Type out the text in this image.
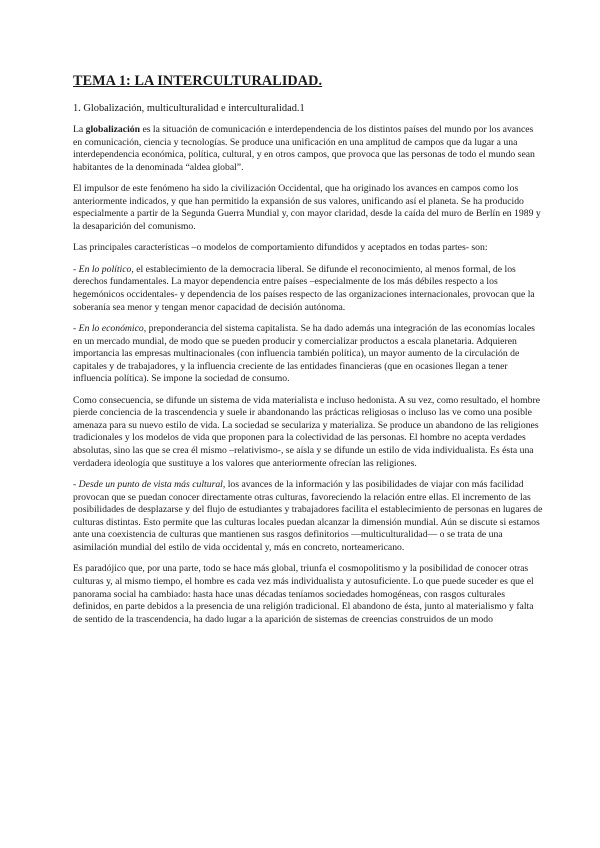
TEMA 1: LA INTERCULTURALIDAD.
1. Globalización, multiculturalidad e interculturalidad.1

La globalización es la situación de comunicación e interdependencia de los distintos países del mundo por los avances en comunicación, ciencia y tecnologías. Se produce una unificación en una amplitud de campos que da lugar a una interdependencia económica, política, cultural, y en otros campos, que provoca que las personas de todo el mundo sean habitantes de la denominada “aldea global”.

El impulsor de este fenómeno ha sido la civilización Occidental, que ha originado los avances en campos como los anteriormente indicados, y que han permitido la expansión de sus valores, unificando así el planeta. Se ha producido especialmente a partir de la Segunda Guerra Mundial y, con mayor claridad, desde la caída del muro de Berlín en 1989 y la desaparición del comunismo.

Las principales características –o modelos de comportamiento difundidos y aceptados en todas partes- son:

- En lo político, el establecimiento de la democracia liberal. Se difunde el reconocimiento, al menos formal, de los derechos fundamentales. La mayor dependencia entre países –especialmente de los más débiles respecto a los hegemónicos occidentales- y dependencia de los países respecto de las organizaciones internacionales, provocan que la soberanía sea menor y tengan menor capacidad de decisión autónoma.

- En lo económico, preponderancia del sistema capitalista. Se ha dado además una integración de las economías locales en un mercado mundial, de modo que se pueden producir y comercializar productos a escala planetaria. Adquieren importancia las empresas multinacionales (con influencia también política), un mayor aumento de la circulación de capitales y de trabajadores, y la influencia creciente de las entidades financieras (que en ocasiones llegan a tener influencia política). Se impone la sociedad de consumo.

Como consecuencia, se difunde un sistema de vida materialista e incluso hedonista. A su vez, como resultado, el hombre pierde conciencia de la trascendencia y suele ir abandonando las prácticas religiosas o incluso las ve como una posible amenaza para su nuevo estilo de vida. La sociedad se seculariza y materializa. Se produce un abandono de las religiones tradicionales y los modelos de vida que proponen para la colectividad de las personas. El hombre no acepta verdades absolutas, sino las que se crea él mismo –relativismo-, se aísla y se difunde un estilo de vida individualista. Es ésta una verdadera ideología que sustituye a los valores que anteriormente ofrecían las religiones.

- Desde un punto de vista más cultural, los avances de la información y las posibilidades de viajar con más facilidad provocan que se puedan conocer directamente otras culturas, favoreciendo la relación entre ellas. El incremento de las posibilidades de desplazarse y del flujo de estudiantes y trabajadores facilita el establecimiento de personas en lugares de culturas distintas. Esto permite que las culturas locales puedan alcanzar la dimensión mundial. Aún se discute si estamos ante una coexistencia de culturas que mantienen sus rasgos definitorios —multiculturalidad— o se trata de una asimilación mundial del estilo de vida occidental y, más en concreto, norteamericano.

Es paradójico que, por una parte, todo se hace más global, triunfa el cosmopolitismo y la posibilidad de conocer otras culturas y, al mismo tiempo, el hombre es cada vez más individualista y autosuficiente. Lo que puede suceder es que el panorama social ha cambiado: hasta hace unas décadas teníamos sociedades homogéneas, con rasgos culturales definidos, en parte debidos a la presencia de una religión tradicional. El abandono de ésta, junto al materialismo y falta de sentido de la trascendencia, ha dado lugar a la aparición de sistemas de creencias construidos de un modo
